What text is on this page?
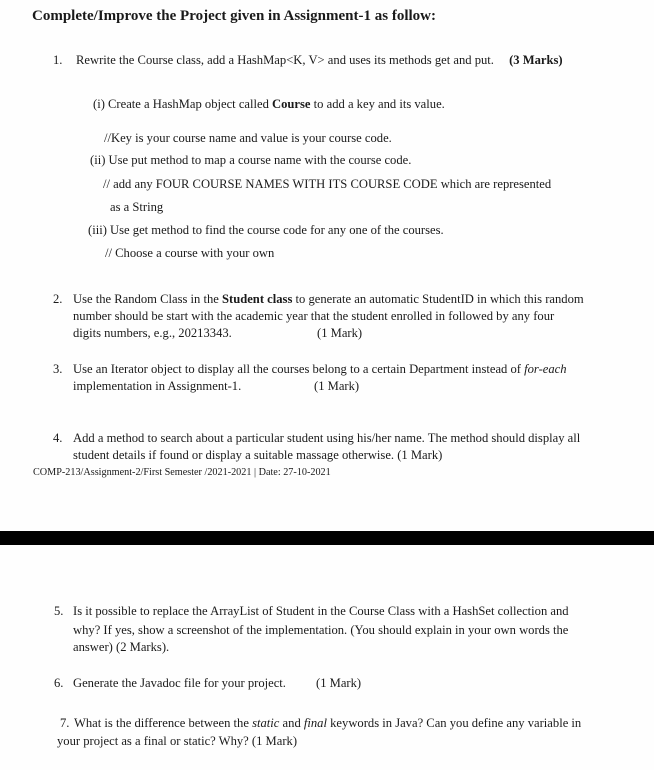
Complete/Improve the Project given in Assignment-1 as follow:
1. Rewrite the Course class, add a HashMap<K, V> and uses its methods get and put. (3 Marks)
(i) Create a HashMap object called Course to add a key and its value.
//Key is your course name and value is your course code.
(ii) Use put method to map a course name with the course code.
// add any FOUR COURSE NAMES WITH ITS COURSE CODE which are represented
as a String
(iii) Use get method to find the course code for any one of the courses.
// Choose a course with your own
2. Use the Random Class in the Student class to generate an automatic StudentID in which this random
number should be start with the academic year that the student enrolled in followed by any four
digits numbers, e.g., 20213343.	(1 Mark)
3. Use an Iterator object to display all the courses belong to a certain Department instead of for-each
implementation in Assignment-1.	(1 Mark)
4. Add a method to search about a particular student using his/her name. The method should display all
student details if found or display a suitable massage otherwise. (1 Mark)
COMP-213/Assignment-2/First Semester /2021-2021 | Date: 27-10-2021
5. Is it possible to replace the ArrayList of Student in the Course Class with a HashSet collection and
why? If yes, show a screenshot of the implementation. (You should explain in your own words the
answer) (2 Marks).
6. Generate the Javadoc file for your project. (1 Mark)
7. What is the difference between the static and final keywords in Java? Can you define any variable in
your project as a final or static? Why? (1 Mark)
